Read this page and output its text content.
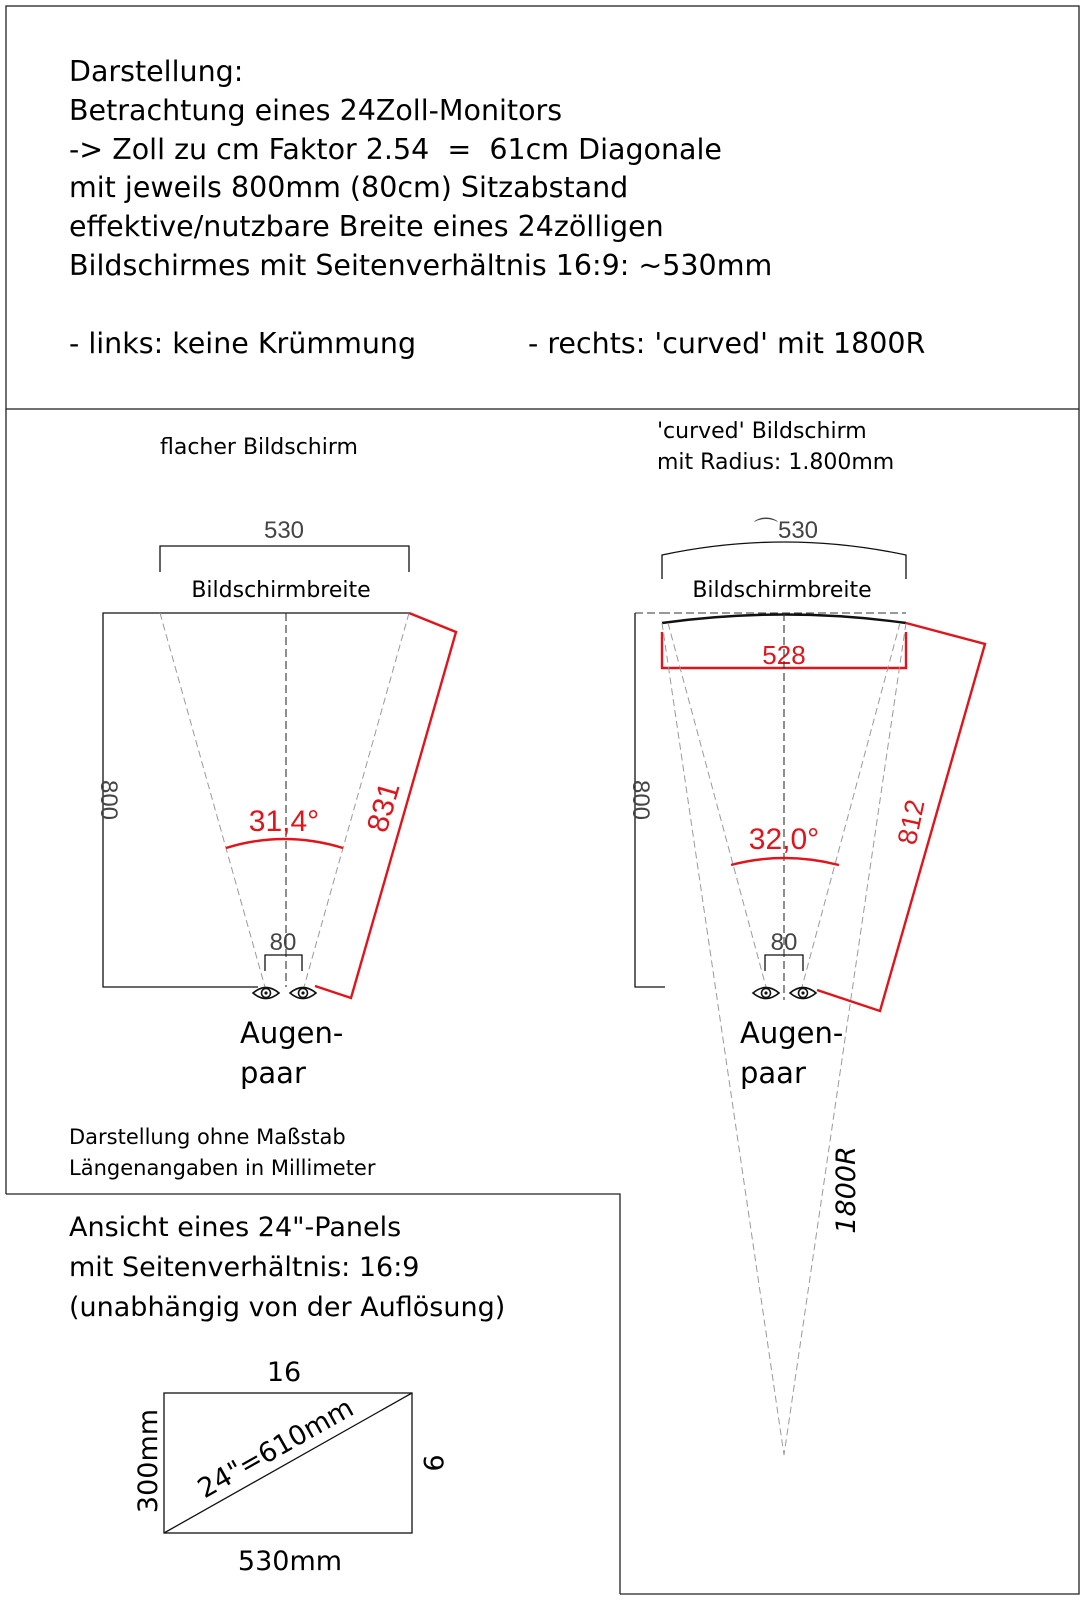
Darstellung:
Betrachtung eines 24Zoll-Monitors
-> Zoll zu cm Faktor 2.54  =  61cm Diagonale
mit jeweils 800mm (80cm) Sitzabstand
effektive/nutzbare Breite eines 24zölligen
Bildschirmes mit Seitenverhältnis 16:9: ~530mm
- links: keine Krümmung	- rechts: 'curved' mit 1800R
flacher Bildschirm
530
Bildschirmbreite
800
31,4° 831
80
Augen-
paar
'curved' Bildschirm
mit Radius: 1.800mm
⌒530
Bildschirmbreite
528
800
32,0°	812
80
Augen-
paar
1800R
Darstellung ohne Maßstab
Längenangaben in Millimeter
Ansicht eines 24"-Panels
mit Seitenverhältnis: 16:9
(unabhängig von der Auflösung)
16
9
300mm
530mm
24"=610mm
